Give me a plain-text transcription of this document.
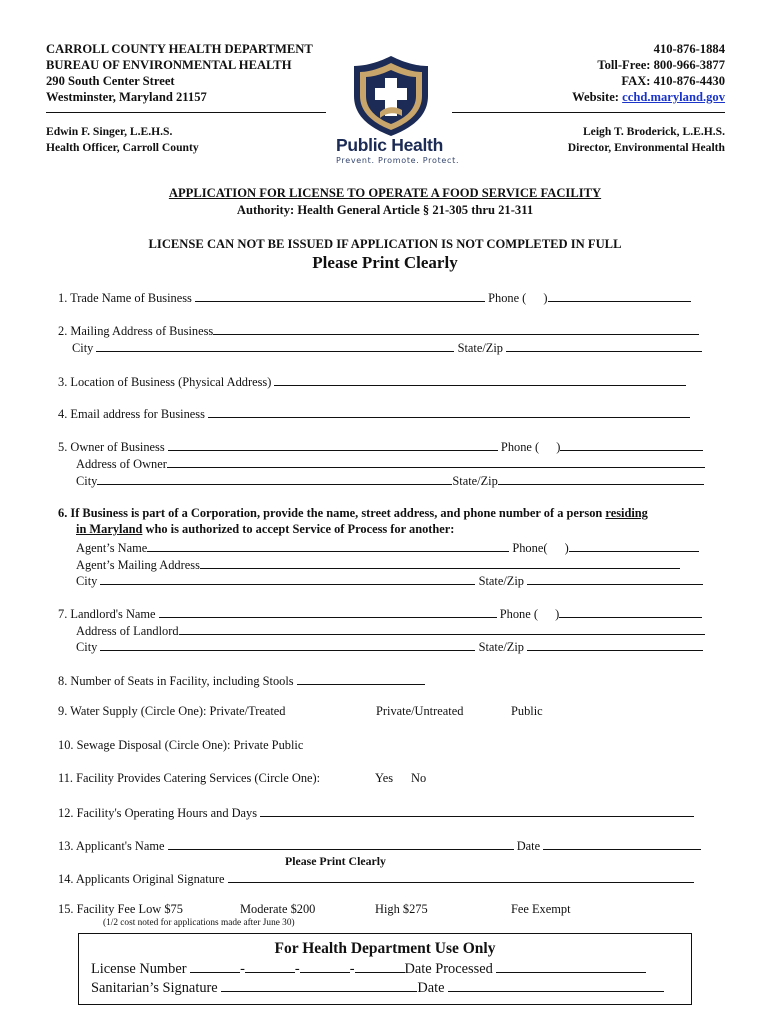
CARROLL COUNTY HEALTH DEPARTMENT
BUREAU OF ENVIRONMENTAL HEALTH
290 South Center Street
Westminster, Maryland 21157
410-876-1884
Toll-Free: 800-966-3877
FAX: 410-876-4430
Website: cchd.maryland.gov
Edwin F. Singer, L.E.H.S.
Health Officer, Carroll County
Leigh T. Broderick, L.E.H.S.
Director, Environmental Health
Public Health
Prevent. Promote. Protect.
APPLICATION FOR LICENSE TO OPERATE A FOOD SERVICE FACILITY
Authority: Health General Article § 21-305 thru 21-311
LICENSE CAN NOT BE ISSUED IF APPLICATION IS NOT COMPLETED IN FULL
Please Print Clearly
1. Trade Name of Business	Phone ( )
2. Mailing Address of Business
City	State/Zip
3. Location of Business (Physical Address)
4. Email address for Business
5. Owner of Business	Phone ( )
Address of Owner
City	State/Zip
6. If Business is part of a Corporation, provide the name, street address, and phone number of a person residing
in Maryland who is authorized to accept Service of Process for another:
Agent’s Name	Phone( )
Agent’s Mailing Address
City	State/Zip
7. Landlord's Name	Phone ( )
Address of Landlord
City	State/Zip
8. Number of Seats in Facility, including Stools
9. Water Supply (Circle One): Private/Treated	Private/Untreated	Public
10. Sewage Disposal (Circle One): Private Public
11. Facility Provides Catering Services (Circle One):	Yes No
12. Facility's Operating Hours and Days
13. Applicant's Name	Date
Please Print Clearly
14. Applicants Original Signature
15. Facility Fee Low $75	Moderate $200	High $275	Fee Exempt
(1/2 cost noted for applications made after June 30)
For Health Department Use Only
License Number	-	-	-	Date Processed
Sanitarian’s Signature	Date
